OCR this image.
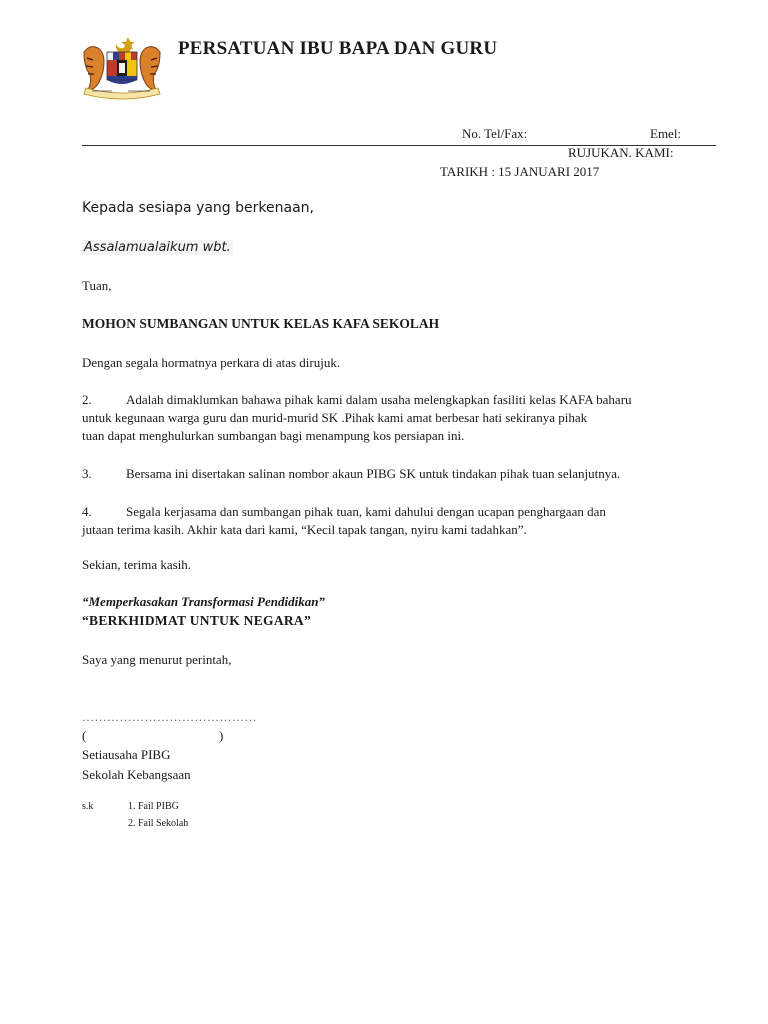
PERSATUAN IBU BAPA DAN GURU
No. Tel/Fax:	Emel:
RUJUKAN. KAMI:
TARIKH : 15 JANUARI 2017
Kepada sesiapa yang berkenaan,
Assalamualaikum wbt.
Tuan,
MOHON SUMBANGAN UNTUK KELAS KAFA SEKOLAH
Dengan segala hormatnya perkara di atas dirujuk.
2.	Adalah dimaklumkan bahawa pihak kami dalam usaha melengkapkan fasiliti kelas KAFA baharu
untuk kegunaan warga guru dan murid-murid SK .Pihak kami amat berbesar hati sekiranya pihak
tuan dapat menghulurkan sumbangan bagi menampung kos persiapan ini.
3.	Bersama ini disertakan salinan nombor akaun PIBG SK untuk tindakan pihak tuan selanjutnya.
4.	Segala kerjasama dan sumbangan pihak tuan, kami dahului dengan ucapan penghargaan dan
jutaan terima kasih. Akhir kata dari kami, “Kecil tapak tangan, nyiru kami tadahkan”.
Sekian, terima kasih.
“Memperkasakan Transformasi Pendidikan”
“BERKHIDMAT UNTUK NEGARA”
Saya yang menurut perintah,
……………………………………
(	)
Setiausaha PIBG
Sekolah Kebangsaan
s.k	1. Fail PIBG
2. Fail Sekolah
